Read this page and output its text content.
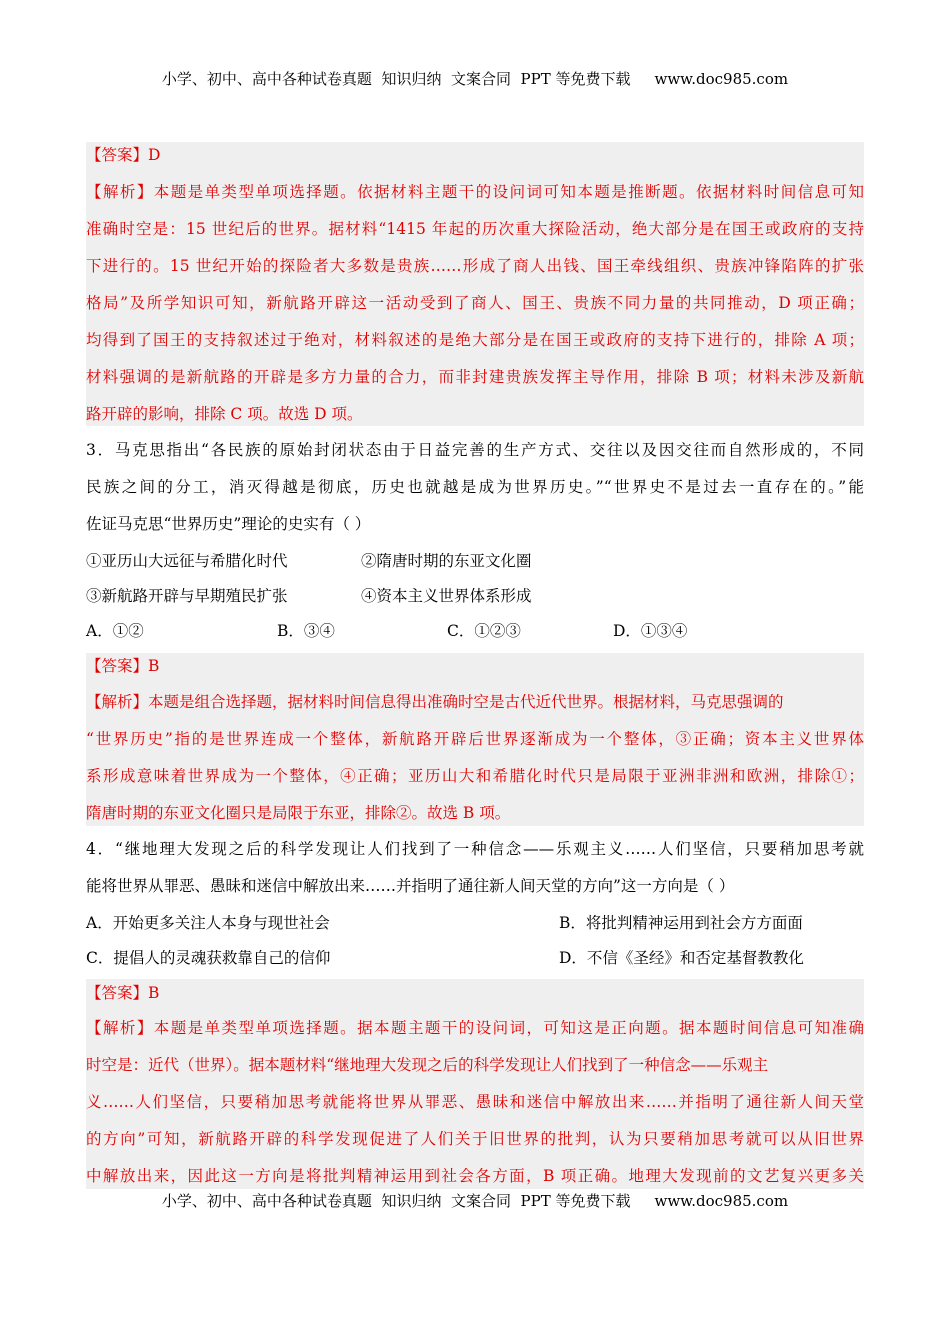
小学、初中、高中各种试卷真题  知识归纳  文案合同  PPT 等免费下载 www.doc985.com
【答案】D
【解析】本题是单类型单项选择题。依据材料主题干的设问词可知本题是推断题。依据材料时间信息可知
准确时空是：15 世纪后的世界。据材料“1415 年起的历次重大探险活动，绝大部分是在国王或政府的支持
下进行的。15 世纪开始的探险者大多数是贵族……形成了商人出钱、国王牵线组织、贵族冲锋陷阵的扩张
格局”及所学知识可知，新航路开辟这一活动受到了商人、国王、贵族不同力量的共同推动，D 项正确；
均得到了国王的支持叙述过于绝对，材料叙述的是绝大部分是在国王或政府的支持下进行的，排除 A 项；
材料强调的是新航路的开辟是多方力量的合力，而非封建贵族发挥主导作用，排除 B 项；材料未涉及新航
路开辟的影响，排除 C 项。故选 D 项。
3．马克思指出“各民族的原始封闭状态由于日益完善的生产方式、交往以及因交往而自然形成的，不同
民族之间的分工，消灭得越是彻底，历史也就越是成为世界历史。”“世界史不是过去一直存在的。”能
佐证马克思“世界历史”理论的史实有（ ）
①亚历山大远征与希腊化时代	②隋唐时期的东亚文化圈
③新航路开辟与早期殖民扩张	④资本主义世界体系形成
A．①②	B．③④	C．①②③	D．①③④
【答案】B
【解析】本题是组合选择题，据材料时间信息得出准确时空是古代近代世界。根据材料，马克思强调的
“世界历史”指的是世界连成一个整体，新航路开辟后世界逐渐成为一个整体，③正确；资本主义世界体
系形成意味着世界成为一个整体，④正确；亚历山大和希腊化时代只是局限于亚洲非洲和欧洲，排除①；
隋唐时期的东亚文化圈只是局限于东亚，排除②。故选 B 项。
4．“继地理大发现之后的科学发现让人们找到了一种信念——乐观主义……人们坚信，只要稍加思考就
能将世界从罪恶、愚昧和迷信中解放出来……并指明了通往新人间天堂的方向”这一方向是（ ）
A．开始更多关注人本身与现世社会	B．将批判精神运用到社会方方面面
C．提倡人的灵魂获救靠自己的信仰	D．不信《圣经》和否定基督教教化
【答案】B
【解析】本题是单类型单项选择题。据本题主题干的设问词，可知这是正向题。据本题时间信息可知准确
时空是：近代（世界）。据本题材料“继地理大发现之后的科学发现让人们找到了一种信念——乐观主
义……人们坚信，只要稍加思考就能将世界从罪恶、愚昧和迷信中解放出来……并指明了通往新人间天堂
的方向”可知，新航路开辟的科学发现促进了人们关于旧世界的批判，认为只要稍加思考就可以从旧世界
中解放出来，因此这一方向是将批判精神运用到社会各方面，B 项正确。地理大发现前的文艺复兴更多关
小学、初中、高中各种试卷真题  知识归纳  文案合同  PPT 等免费下载 www.doc985.com
